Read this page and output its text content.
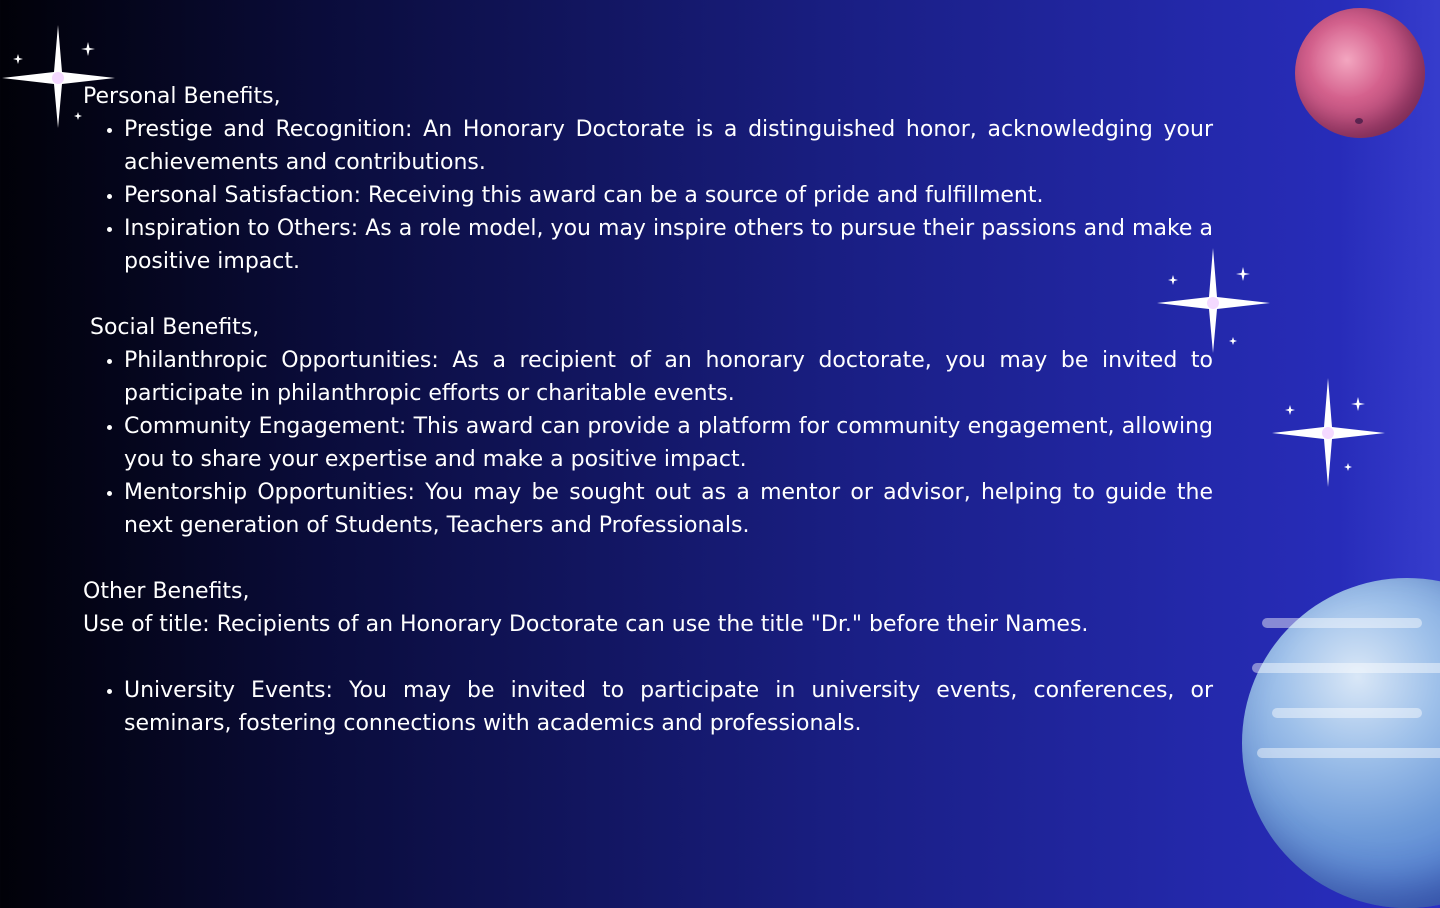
Personal Benefits,

• Prestige and Recognition: An Honorary Doctorate is a distinguished honor, acknowledging your achievements and contributions.
• Personal Satisfaction: Receiving this award can be a source of pride and fulfillment.
• Inspiration to Others: As a role model, you may inspire others to pursue their passions and make a positive impact.

Social Benefits,

• Philanthropic Opportunities: As a recipient of an honorary doctorate, you may be invited to participate in philanthropic efforts or charitable events.
• Community Engagement: This award can provide a platform for community engagement, allowing you to share your expertise and make a positive impact.
• Mentorship Opportunities: You may be sought out as a mentor or advisor, helping to guide the next generation of Students, Teachers and Professionals.

Other Benefits,

Use of title: Recipients of an Honorary Doctorate can use the title "Dr." before their Names.

• University Events: You may be invited to participate in university events, conferences, or seminars, fostering connections with academics and professionals.
